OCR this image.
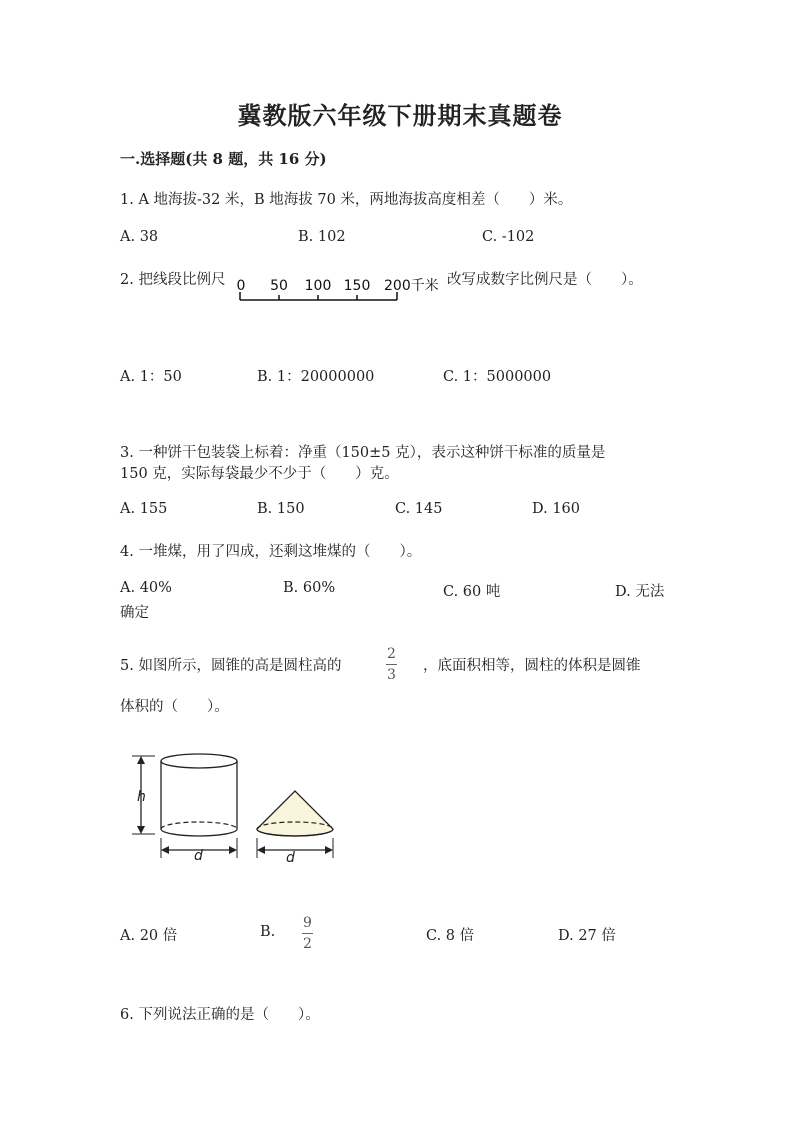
冀教版六年级下册期末真题卷
一.选择题(共 8 题，共 16 分)
1. A 地海拔-32 米，B 地海拔 70 米，两地海拔高度相差（　　）米。
A. 38	B. 102	C. -102
2. 把线段比例尺 0 50 100 150 200千米 改写成数字比例尺是（　　）。
A. 1：50	B. 1：20000000	C. 1：5000000
3. 一种饼干包装袋上标着：净重（150±5 克），表示这种饼干标准的质量是
150 克，实际每袋最少不少于（　　）克。
A. 155	B. 150	C. 145	D. 160
4. 一堆煤，用了四成，还剩这堆煤的（　　）。
A. 40%	B. 60%	C. 60 吨	D. 无法
确定
5. 如图所示，圆锥的高是圆柱高的
2
3
，底面积相等，圆柱的体积是圆锥
体积的（　　）。
h
d	d
A. 20 倍	B.
9
2	C. 8 倍	D. 27 倍
6. 下列说法正确的是（　　）。
